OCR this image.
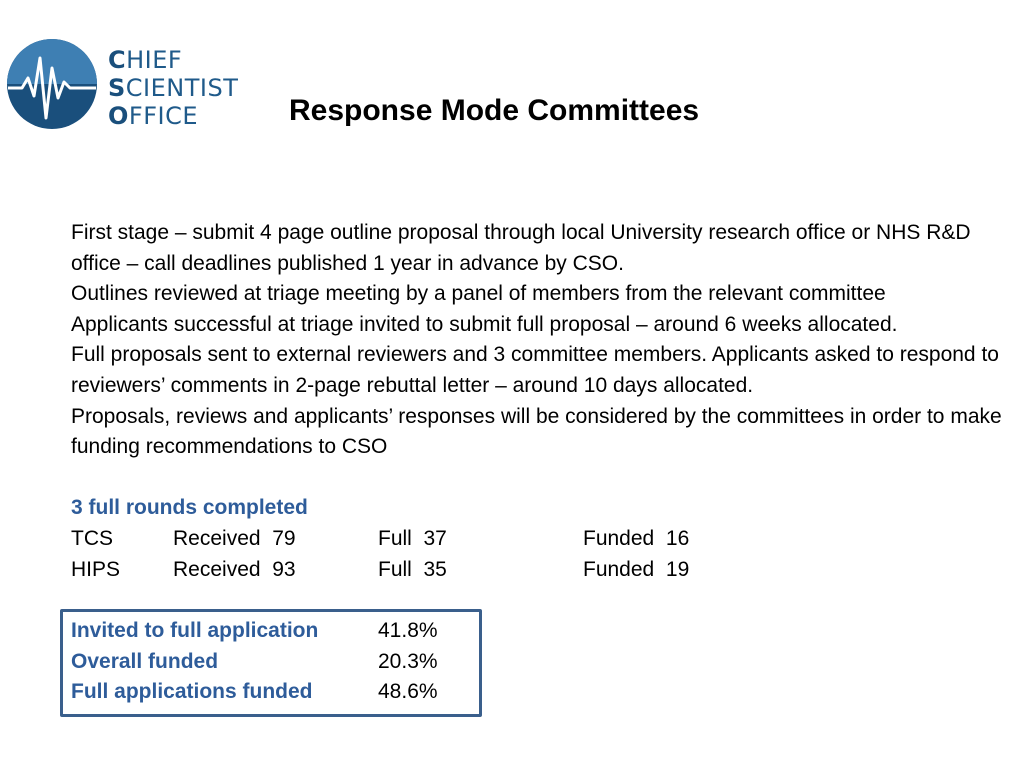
CHIEF
SCIENTIST
OFFICE	Response Mode Committees

First stage – submit 4 page outline proposal through local University research office or NHS R&D office – call deadlines published 1 year in advance by CSO.

Outlines reviewed at triage meeting by a panel of members from the relevant committee

Applicants successful at triage invited to submit full proposal – around 6 weeks allocated.

Full proposals sent to external reviewers and 3 committee members. Applicants asked to respond to reviewers’ comments in 2-page rebuttal letter – around 10 days allocated.

Proposals, reviews and applicants’ responses will be considered by the committees in order to make funding recommendations to CSO

3 full rounds completed
TCS	Received  79	Full  37	Funded  16
HIPS	Received  93	Full  35	Funded  19
Invited to full application	41.8%
Overall funded	20.3%
Full applications funded	48.6%
